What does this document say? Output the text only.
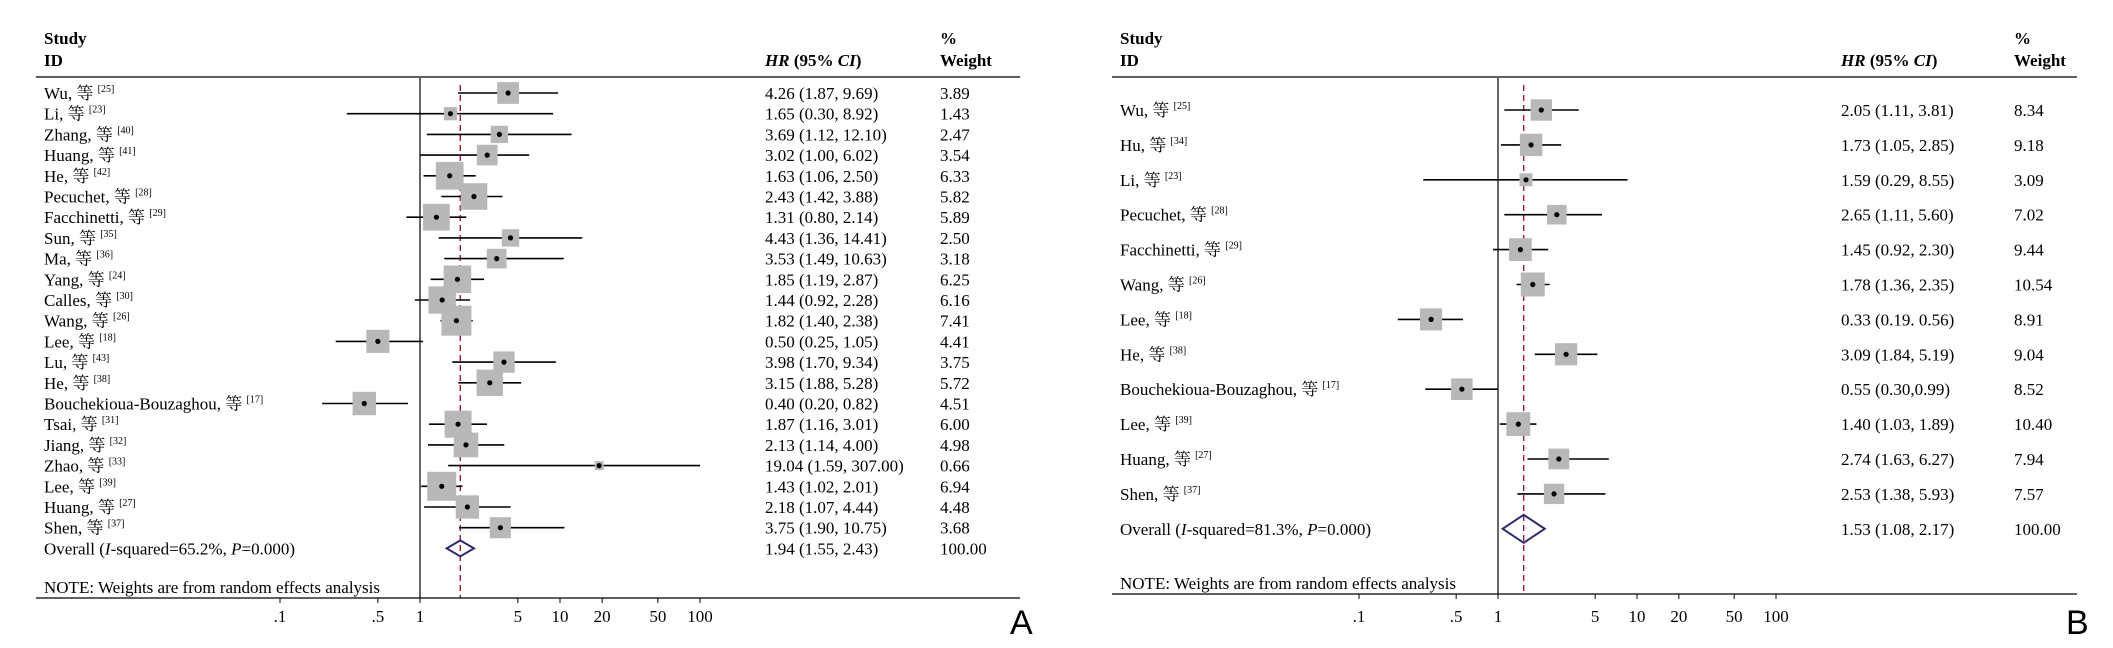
Study
ID	HR (95% CI)
%
Weight
.1	.5 1	5 10 20 50 100
Wu, 等 [25]	4.26 (1.87, 9.69)	3.89
Li, 等 [23]	1.65 (0.30, 8.92)	1.43
Zhang, 等 [40]	3.69 (1.12, 12.10)	2.47
Huang, 等 [41]	3.02 (1.00, 6.02)	3.54
He, 等 [42]	1.63 (1.06, 2.50)	6.33
Pecuchet, 等 [28]	2.43 (1.42, 3.88)	5.82
Facchinetti, 等 [29]	1.31 (0.80, 2.14)	5.89
Sun, 等 [35]	4.43 (1.36, 14.41)	2.50
Ma, 等 [36]	3.53 (1.49, 10.63)	3.18
Yang, 等 [24]	1.85 (1.19, 2.87)	6.25
Calles, 等 [30]	1.44 (0.92, 2.28)	6.16
Wang, 等 [26]	1.82 (1.40, 2.38)	7.41
Lee, 等 [18]	0.50 (0.25, 1.05)	4.41
Lu, 等 [43]	3.98 (1.70, 9.34)	3.75
He, 等 [38]	3.15 (1.88, 5.28)	5.72
Bouchekioua-Bouzaghou, 等 [17]	0.40 (0.20, 0.82)	4.51
Tsai, 等 [31]	1.87 (1.16, 3.01)	6.00
Jiang, 等 [32]	2.13 (1.14, 4.00)	4.98
Zhao, 等 [33]	19.04 (1.59, 307.00) 0.66
Lee, 等 [39]	1.43 (1.02, 2.01)	6.94
Huang, 等 [27]	2.18 (1.07, 4.44)	4.48
Shen, 等 [37]	3.75 (1.90, 10.75)	3.68
Overall (I-squared=65.2%, P=0.000)	1.94 (1.55, 2.43)	100.00
NOTE: Weights are from random effects analysis
A
Study
ID	HR (95% CI)
%
Weight
.1	.5 1	5 10 20 50 100
Wu, 等 [25]	2.05 (1.11, 3.81)	8.34
Hu, 等 [34]	1.73 (1.05, 2.85)	9.18
Li, 等 [23]	1.59 (0.29, 8.55)	3.09
Pecuchet, 等 [28]	2.65 (1.11, 5.60)	7.02
Facchinetti, 等 [29]	1.45 (0.92, 2.30)	9.44
Wang, 等 [26]	1.78 (1.36, 2.35)	10.54
Lee, 等 [18]	0.33 (0.19. 0.56)	8.91
He, 等 [38]	3.09 (1.84, 5.19)	9.04
Bouchekioua-Bouzaghou, 等 [17]	0.55 (0.30,0.99)	8.52
Lee, 等 [39]	1.40 (1.03, 1.89)	10.40
Huang, 等 [27]	2.74 (1.63, 6.27)	7.94
Shen, 等 [37]	2.53 (1.38, 5.93)	7.57
Overall (I-squared=81.3%, P=0.000)	1.53 (1.08, 2.17)	100.00
NOTE: Weights are from random effects analysis
B
